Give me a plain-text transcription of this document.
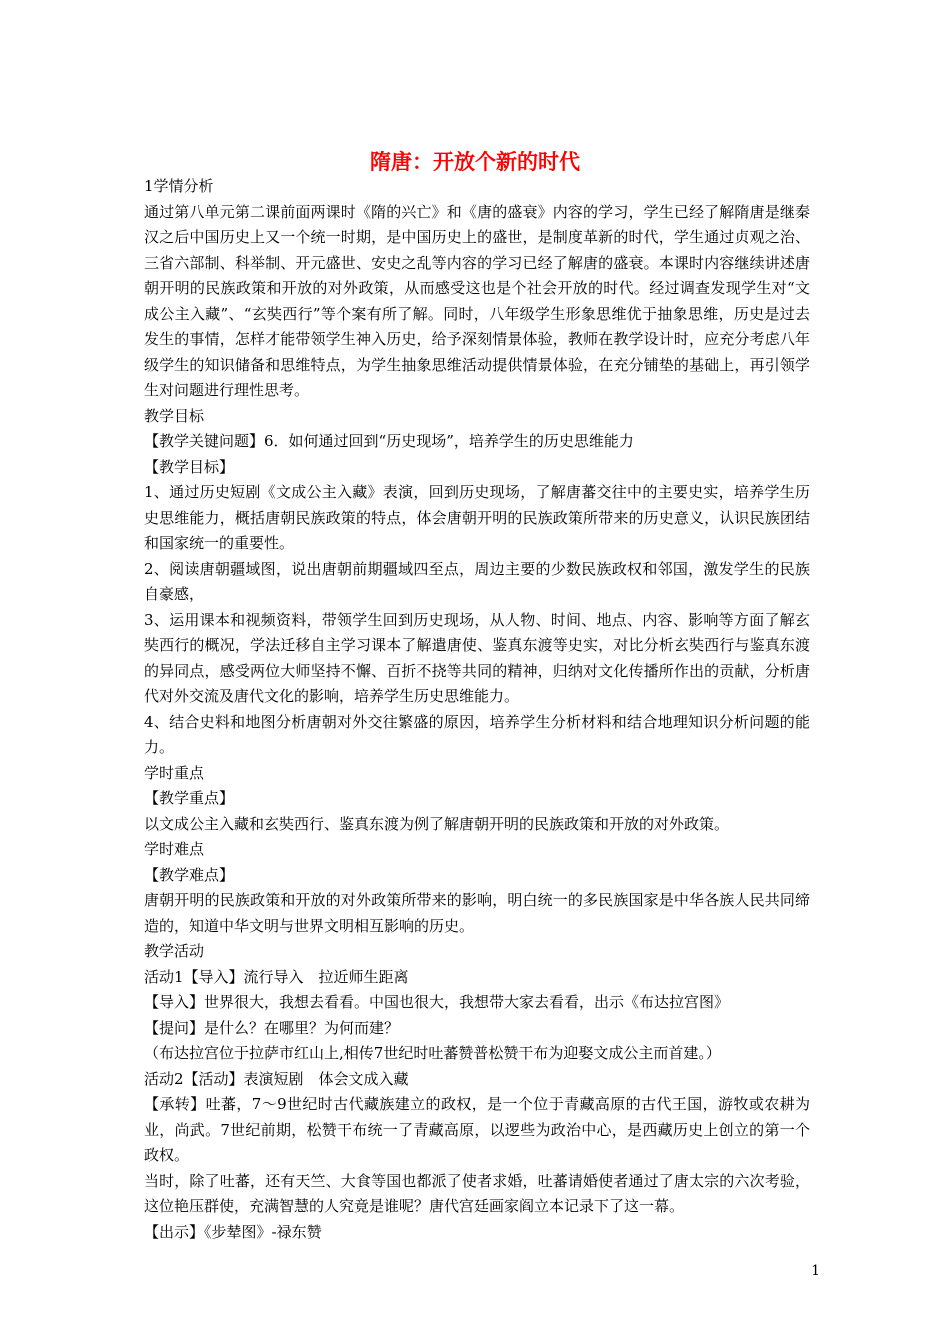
隋唐：开放个新的时代

1学情分析

通过第八单元第二课前面两课时《隋的兴亡》和《唐的盛衰》内容的学习，学生已经了解隋唐是继秦汉之后中国历史上又一个统一时期，是中国历史上的盛世，是制度革新的时代，学生通过贞观之治、三省六部制、科举制、开元盛世、安史之乱等内容的学习已经了解唐的盛衰。本课时内容继续讲述唐朝开明的民族政策和开放的对外政策，从而感受这也是个社会开放的时代。经过调查发现学生对“文成公主入藏”、“玄奘西行”等个案有所了解。同时，八年级学生形象思维优于抽象思维，历史是过去发生的事情，怎样才能带领学生神入历史，给予深刻情景体验，教师在教学设计时，应充分考虑八年级学生的知识储备和思维特点，为学生抽象思维活动提供情景体验，在充分铺垫的基础上，再引领学生对问题进行理性思考。

教学目标

【教学关键问题】6．如何通过回到“历史现场”，培养学生的历史思维能力

【教学目标】

1、通过历史短剧《文成公主入藏》表演，回到历史现场，了解唐蕃交往中的主要史实，培养学生历史思维能力，概括唐朝民族政策的特点，体会唐朝开明的民族政策所带来的历史意义，认识民族团结和国家统一的重要性。

2、阅读唐朝疆域图，说出唐朝前期疆域四至点，周边主要的少数民族政权和邻国，激发学生的民族自豪感，

3、运用课本和视频资料，带领学生回到历史现场，从人物、时间、地点、内容、影响等方面了解玄奘西行的概况，学法迁移自主学习课本了解遣唐使、鉴真东渡等史实，对比分析玄奘西行与鉴真东渡的异同点，感受两位大师坚持不懈、百折不挠等共同的精神，归纳对文化传播所作出的贡献，分析唐代对外交流及唐代文化的影响，培养学生历史思维能力。

4、结合史料和地图分析唐朝对外交往繁盛的原因，培养学生分析材料和结合地理知识分析问题的能力。

学时重点

【教学重点】

以文成公主入藏和玄奘西行、鉴真东渡为例了解唐朝开明的民族政策和开放的对外政策。

学时难点

【教学难点】

唐朝开明的民族政策和开放的对外政策所带来的影响，明白统一的多民族国家是中华各族人民共同缔造的，知道中华文明与世界文明相互影响的历史。

教学活动

活动1【导入】流行导入　拉近师生距离

【导入】世界很大，我想去看看。中国也很大，我想带大家去看看，出示《布达拉宫图》

【提问】是什么？在哪里？为何而建？

（布达拉宫位于拉萨市红山上,相传7世纪时吐蕃赞普松赞干布为迎娶文成公主而首建。）

活动2【活动】表演短剧　体会文成入藏

【承转】吐蕃，7～9世纪时古代藏族建立的政权，是一个位于青藏高原的古代王国，游牧或农耕为业，尚武。7世纪前期，松赞干布统一了青藏高原，以逻些为政治中心，是西藏历史上创立的第一个政权。

当时，除了吐蕃，还有天竺、大食等国也都派了使者求婚，吐蕃请婚使者通过了唐太宗的六次考验，这位艳压群使，充满智慧的人究竟是谁呢？唐代宫廷画家阎立本记录下了这一幕。

【出示】《步辇图》-禄东赞

1
